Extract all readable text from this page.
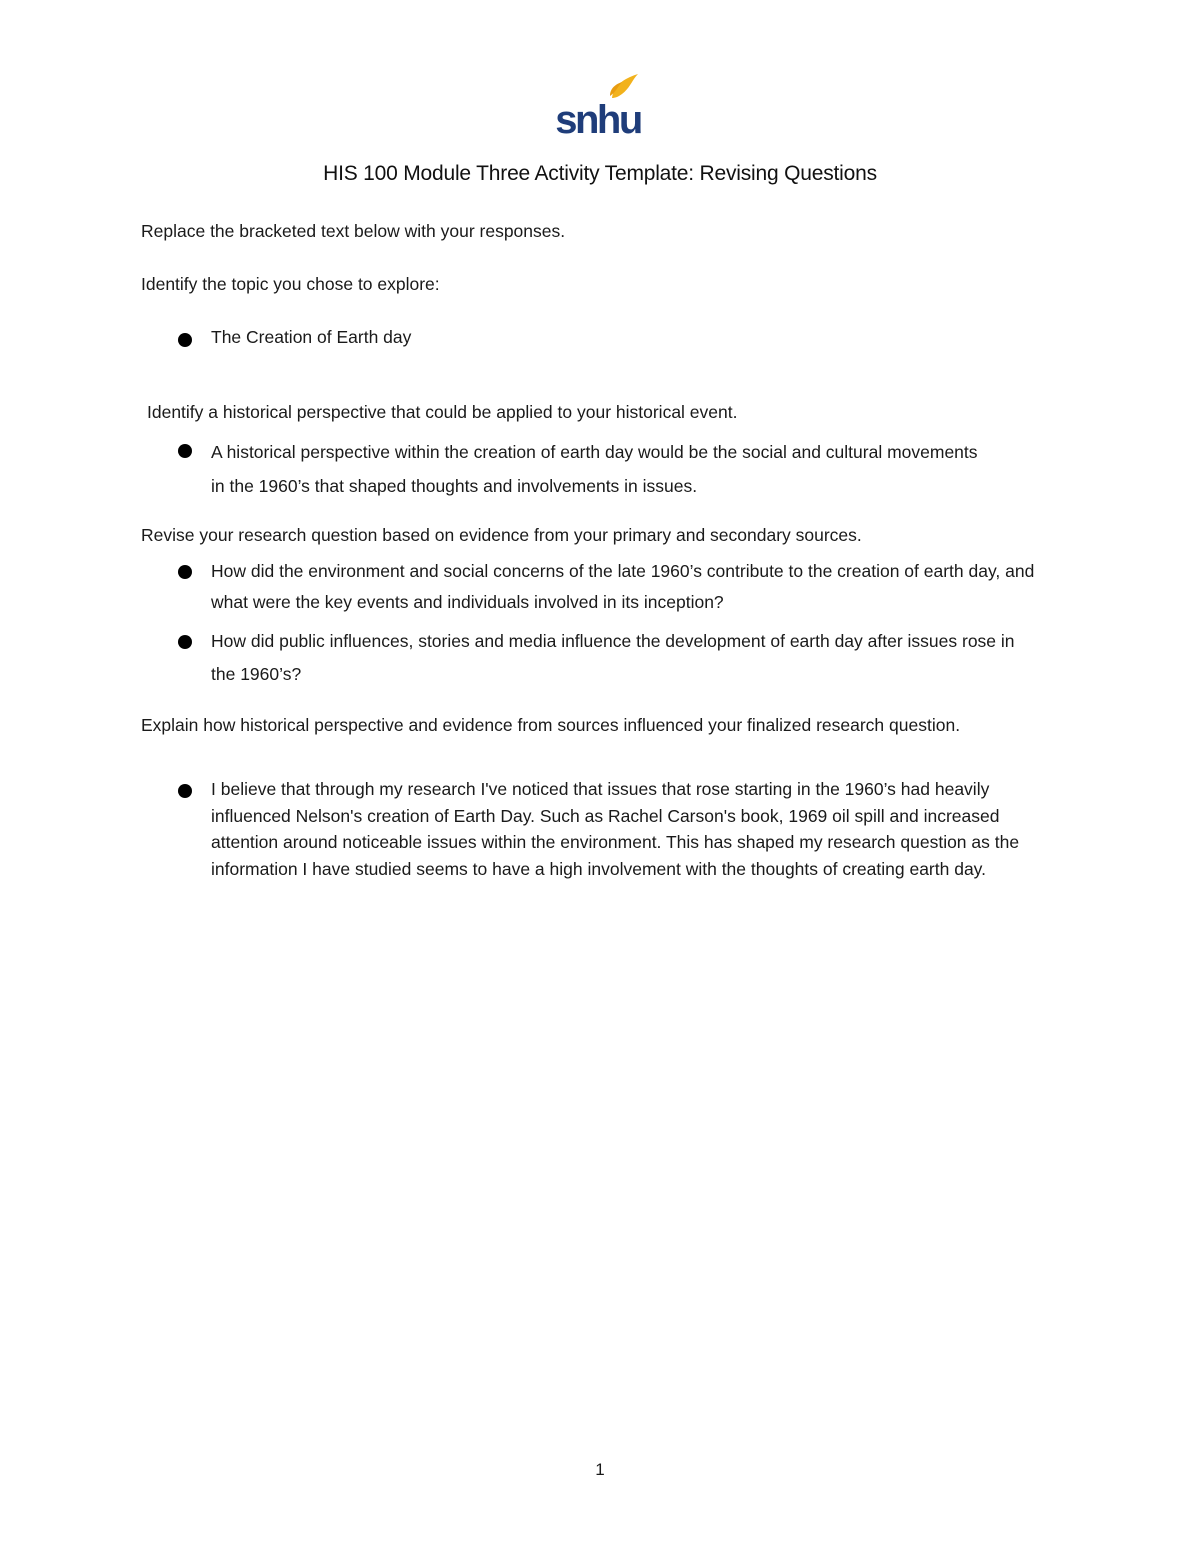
snhu
HIS 100 Module Three Activity Template: Revising Questions
Replace the bracketed text below with your responses.
Identify the topic you chose to explore:
The Creation of Earth day
Identify a historical perspective that could be applied to your historical event.
A historical perspective within the creation of earth day would be the social and cultural movements in the 1960’s that shaped thoughts and involvements in issues.
Revise your research question based on evidence from your primary and secondary sources.
How did the environment and social concerns of the late 1960’s contribute to the creation of earth day, and what were the key events and individuals involved in its inception?
How did public influences, stories and media influence the development of earth day after issues rose in the 1960’s?
Explain how historical perspective and evidence from sources influenced your finalized research question.
I believe that through my research I've noticed that issues that rose starting in the 1960’s had heavily influenced Nelson's creation of Earth Day. Such as Rachel Carson's book, 1969 oil spill and increased attention around noticeable issues within the environment. This has shaped my research question as the information I have studied seems to have a high involvement with the thoughts of creating earth day.
1
